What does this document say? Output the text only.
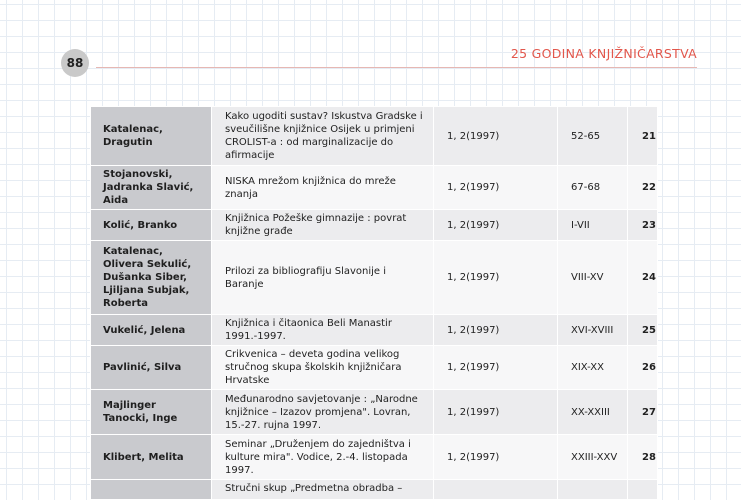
88
25 GODINA KNJIŽNIČARSTVA
Katalenac, Dragutin	Kako ugoditi sustav? Iskustva Gradske i sveučilišne knjižnice Osijek u primjeni CROLIST-a : od marginalizacije do afirmacije	1, 2(1997)	52-65	21
Stojanovski, Jadranka Slavić, Aida	NISKA mrežom knjižnica do mreže znanja	1, 2(1997)	67-68	22
Kolić, Branko	Knjižnica Požeške gimnazije : povrat knjižne građe	1, 2(1997)	I-VII	23
Katalenac, Olivera Sekulić, Dušanka Siber, Ljiljana Subjak, Roberta	Prilozi za bibliografiju Slavonije i Baranje	1, 2(1997)	VIII-XV	24
Vukelić, Jelena	Knjižnica i čitaonica Beli Manastir 1991.-1997.	1, 2(1997)	XVI-XVIII	25
Pavlinić, Silva	Crikvenica – deveta godina velikog stručnog skupa školskih knjižničara Hrvatske	1, 2(1997)	XIX-XX	26
Majlinger Tanocki, Inge	Međunarodno savjetovanje : „Narodne knjižnice – Izazov promjena". Lovran, 15.-27. rujna 1997.	1, 2(1997)	XX-XXIII	27
Klibert, Melita	Seminar „Druženjem do zajedništva i kulture mira". Vodice, 2.-4. listopada 1997.	1, 2(1997)	XXIII-XXV	28
	Stručni skup „Predmetna obradba –			
